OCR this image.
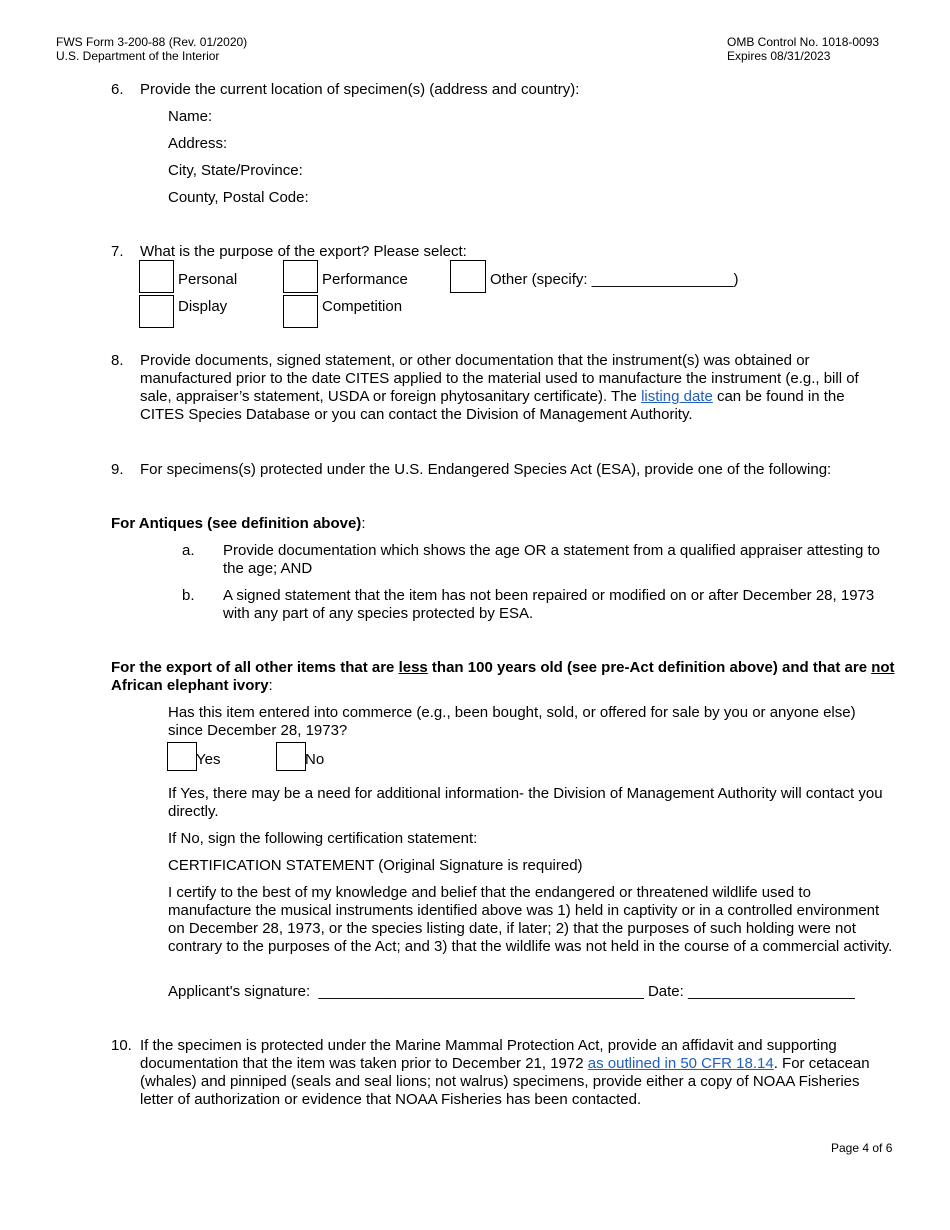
FWS Form 3-200-88 (Rev. 01/2020)
U.S. Department of the Interior
OMB Control No. 1018-0093
Expires 08/31/2023
6. Provide the current location of specimen(s) (address and country):
Name:
Address:
City, State/Province:
County, Postal Code:
7. What is the purpose of the export? Please select:
Personal	Performance	Other (specify: _________________)
Display	Competition
8. Provide documents, signed statement, or other documentation that the instrument(s) was obtained or manufactured prior to the date CITES applied to the material used to manufacture the instrument (e.g., bill of sale, appraiser’s statement, USDA or foreign phytosanitary certificate). The listing date can be found in the CITES Species Database or you can contact the Division of Management Authority.
9. For specimens(s) protected under the U.S. Endangered Species Act (ESA), provide one of the following:
For Antiques (see definition above):
a. Provide documentation which shows the age OR a statement from a qualified appraiser attesting to the age; AND
b. A signed statement that the item has not been repaired or modified on or after December 28, 1973 with any part of any species protected by ESA.
For the export of all other items that are less than 100 years old (see pre-Act definition above) and that are not African elephant ivory:
Has this item entered into commerce (e.g., been bought, sold, or offered for sale by you or anyone else) since December 28, 1973?
Yes	No
If Yes, there may be a need for additional information- the Division of Management Authority will contact you directly.
If No, sign the following certification statement:
CERTIFICATION STATEMENT (Original Signature is required)
I certify to the best of my knowledge and belief that the endangered or threatened wildlife used to manufacture the musical instruments identified above was 1) held in captivity or in a controlled environment on December 28, 1973, or the species listing date, if later; 2) that the purposes of such holding were not contrary to the purposes of the Act; and 3) that the wildlife was not held in the course of a commercial activity.
Applicant's signature:  _______________________________________ Date: ____________________
10. If the specimen is protected under the Marine Mammal Protection Act, provide an affidavit and supporting documentation that the item was taken prior to December 21, 1972 as outlined in 50 CFR 18.14. For cetacean (whales) and pinniped (seals and seal lions; not walrus) specimens, provide either a copy of NOAA Fisheries letter of authorization or evidence that NOAA Fisheries has been contacted.
Page 4 of 6
